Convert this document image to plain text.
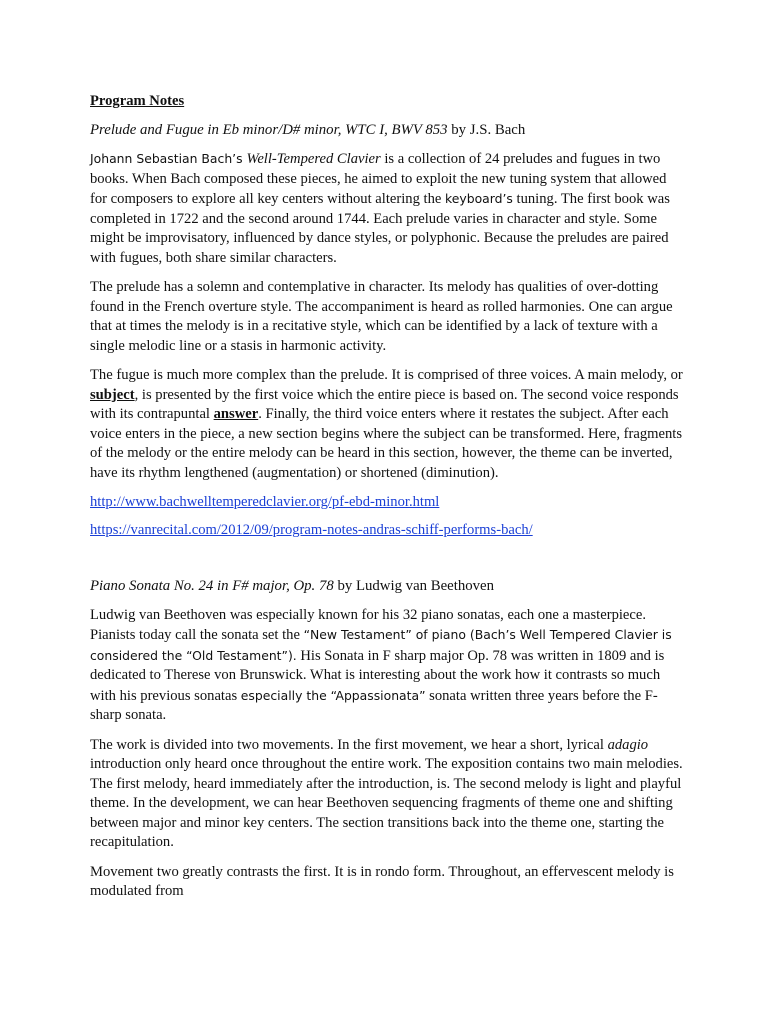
Program Notes

Prelude and Fugue in Eb minor/D# minor, WTC I, BWV 853 by J.S. Bach

Johann Sebastian Bach’s Well-Tempered Clavier is a collection of 24 preludes and fugues in two books. When Bach composed these pieces, he aimed to exploit the new tuning system that allowed for composers to explore all key centers without altering the keyboard’s tuning. The first book was completed in 1722 and the second around 1744. Each prelude varies in character and style. Some might be improvisatory, influenced by dance styles, or polyphonic. Because the preludes are paired with fugues, both share similar characters.

The prelude has a solemn and contemplative in character. Its melody has qualities of over-dotting found in the French overture style. The accompaniment is heard as rolled harmonies. One can argue that at times the melody is in a recitative style, which can be identified by a lack of texture with a single melodic line or a stasis in harmonic activity.

The fugue is much more complex than the prelude. It is comprised of three voices. A main melody, or subject, is presented by the first voice which the entire piece is based on. The second voice responds with its contrapuntal answer. Finally, the third voice enters where it restates the subject. After each voice enters in the piece, a new section begins where the subject can be transformed. Here, fragments of the melody or the entire melody can be heard in this section, however, the theme can be inverted, have its rhythm lengthened (augmentation) or shortened (diminution).

http://www.bachwelltemperedclavier.org/pf-ebd-minor.html

https://vanrecital.com/2012/09/program-notes-andras-schiff-performs-bach/

Piano Sonata No. 24 in F# major, Op. 78 by Ludwig van Beethoven

Ludwig van Beethoven was especially known for his 32 piano sonatas, each one a masterpiece. Pianists today call the sonata set the “New Testament” of piano (Bach’s Well Tempered Clavier is considered the “Old Testament”). His Sonata in F sharp major Op. 78 was written in 1809 and is dedicated to Therese von Brunswick. What is interesting about the work how it contrasts so much with his previous sonatas especially the “Appassionata” sonata written three years before the F-sharp sonata.

The work is divided into two movements. In the first movement, we hear a short, lyrical adagio introduction only heard once throughout the entire work. The exposition contains two main melodies. The first melody, heard immediately after the introduction, is. The second melody is light and playful theme. In the development, we can hear Beethoven sequencing fragments of theme one and shifting between major and minor key centers. The section transitions back into the theme one, starting the recapitulation.

Movement two greatly contrasts the first. It is in rondo form. Throughout, an effervescent melody is modulated from
